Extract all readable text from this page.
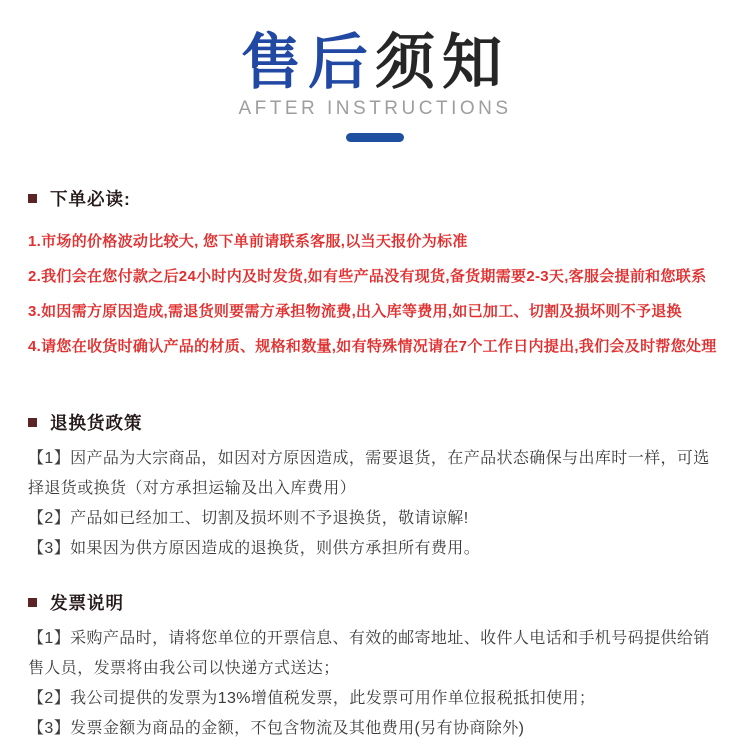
售后须知
AFTER INSTRUCTIONS
下单必读:

1.市场的价格波动比较大, 您下单前请联系客服,以当天报价为标准

2.我们会在您付款之后24小时内及时发货,如有些产品没有现货,备货期需要2-3天,客服会提前和您联系

3.如因需方原因造成,需退货则要需方承担物流费,出入库等费用,如已加工、切割及损坏则不予退换

4.请您在收货时确认产品的材质、规格和数量,如有特殊情况请在7个工作日内提出,我们会及时帮您处理

退换货政策

【1】因产品为大宗商品，如因对方原因造成，需要退货，在产品状态确保与出库时一样，可选择退货或换货（对方承担运输及出入库费用）

【2】产品如已经加工、切割及损坏则不予退换货，敬请谅解!

【3】如果因为供方原因造成的退换货，则供方承担所有费用。

发票说明

【1】采购产品时，请将您单位的开票信息、有效的邮寄地址、收件人电话和手机号码提供给销售人员，发票将由我公司以快递方式送达；

【2】我公司提供的发票为13%增值税发票，此发票可用作单位报税抵扣使用；

【3】发票金额为商品的金额，不包含物流及其他费用(另有协商除外)
